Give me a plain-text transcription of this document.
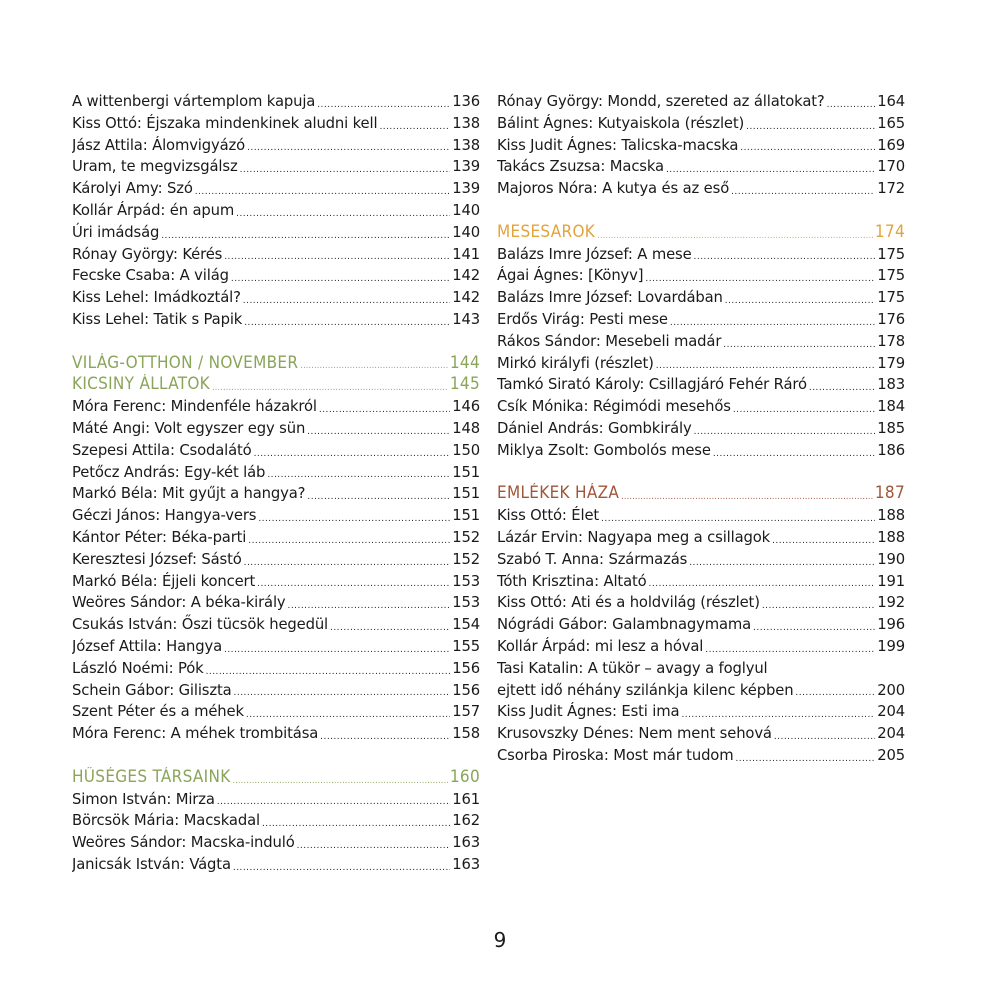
A wittenbergi vártemplom kapuja . . .	136
Kiss Ottó: Éjszaka mindenkinek aludni kell . . .	138
Jász Attila: Álomvigyázó . . .	138
Uram, te megvizsgálsz . . .	139
Károlyi Amy: Szó . . .	139
Kollár Árpád: én apum . . .	140
Úri imádság . . .	140
Rónay György: Kérés . . .	141
Fecske Csaba: A világ . . .	142
Kiss Lehel: Imádkoztál? . . .	142
Kiss Lehel: Tatik s Papik . . .	143
VILÁG-OTTHON / NOVEMBER . . .	144
KICSINY ÁLLATOK . . .	145
Móra Ferenc: Mindenféle házakról . . .	146
Máté Angi: Volt egyszer egy sün . . .	148
Szepesi Attila: Csodalátó . . .	150
Petőcz András: Egy-két láb . . .	151
Markó Béla: Mit gyűjt a hangya? . . .	151
Géczi János: Hangya-vers . . .	151
Kántor Péter: Béka-parti . . .	152
Keresztesi József: Sástó . . .	152
Markó Béla: Éjjeli koncert . . .	153
Weöres Sándor: A béka-király . . .	153
Csukás István: Őszi tücsök hegedül . . .	154
József Attila: Hangya . . .	155
László Noémi: Pók . . .	156
Schein Gábor: Giliszta . . .	156
Szent Péter és a méhek . . .	157
Móra Ferenc: A méhek trombitása . . .	158
HŰSÉGES TÁRSAINK . . .	160
Simon István: Mirza . . .	161
Börcsök Mária: Macskadal . . .	162
Weöres Sándor: Macska-induló . . .	163
Janicsák István: Vágta . . .	163
Rónay György: Mondd, szereted az állatokat? . . .	164
Bálint Ágnes: Kutyaiskola (részlet) . . .	165
Kiss Judit Ágnes: Talicska-macska . . .	169
Takács Zsuzsa: Macska . . .	170
Majoros Nóra: A kutya és az eső . . .	172
MESESAROK . . .	174
Balázs Imre József: A mese . . .	175
Ágai Ágnes: [Könyv] . . .	175
Balázs Imre József: Lovardában . . .	175
Erdős Virág: Pesti mese . . .	176
Rákos Sándor: Mesebeli madár . . .	178
Mirkó királyfi (részlet) . . .	179
Tamkó Sirató Károly: Csillagjáró Fehér Ráró . . .	183
Csík Mónika: Régimódi mesehős . . .	184
Dániel András: Gombkirály . . .	185
Miklya Zsolt: Gombolós mese . . .	186
EMLÉKEK HÁZA . . .	187
Kiss Ottó: Élet . . .	188
Lázár Ervin: Nagyapa meg a csillagok . . .	188
Szabó T. Anna: Származás . . .	190
Tóth Krisztina: Altató . . .	191
Kiss Ottó: Ati és a holdvilág (részlet) . . .	192
Nógrádi Gábor: Galambnagymama . . .	196
Kollár Árpád: mi lesz a hóval . . .	199
Tasi Katalin: A tükör – avagy a foglyul
ejtett idő néhány szilánkja kilenc képben . . .	200
Kiss Judit Ágnes: Esti ima . . .	204
Krusovszky Dénes: Nem ment sehová . . .	204
Csorba Piroska: Most már tudom . . .	205
9
